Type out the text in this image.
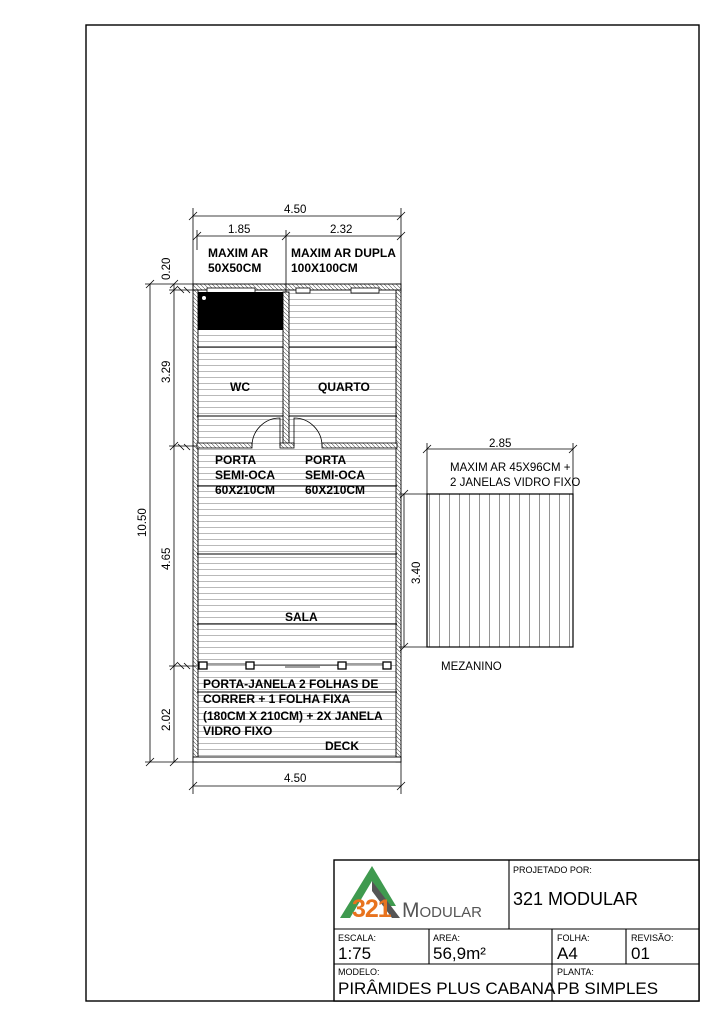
MAXIM AR
50X50CM
MAXIM AR DUPLA
100X100CM
WC	QUARTO
PORTA
SEMI-OCA
60X210CM
PORTA
SEMI-OCA
60X210CM
SALA
PORTA-JANELA 2 FOLHAS DE
CORRER + 1 FOLHA FIXA
(180CM X 210CM) + 2X JANELA
VIDRO FIXO
DECK
4.50
1.85	2.32
10.50
0.20
3.29
4.65
2.02
4.50
2.85
3.40
MAXIM AR 45X96CM +
2 JANELAS VIDRO FIXO
MEZANINO
321 Modular
PROJETADO POR:
321 MODULAR
ESCALA:
1:75
AREA:
56,9m²
FOLHA:
A4
REVISÃO:
01
MODELO:
PIRÂMIDES PLUS CABANA
PLANTA:
PB SIMPLES
